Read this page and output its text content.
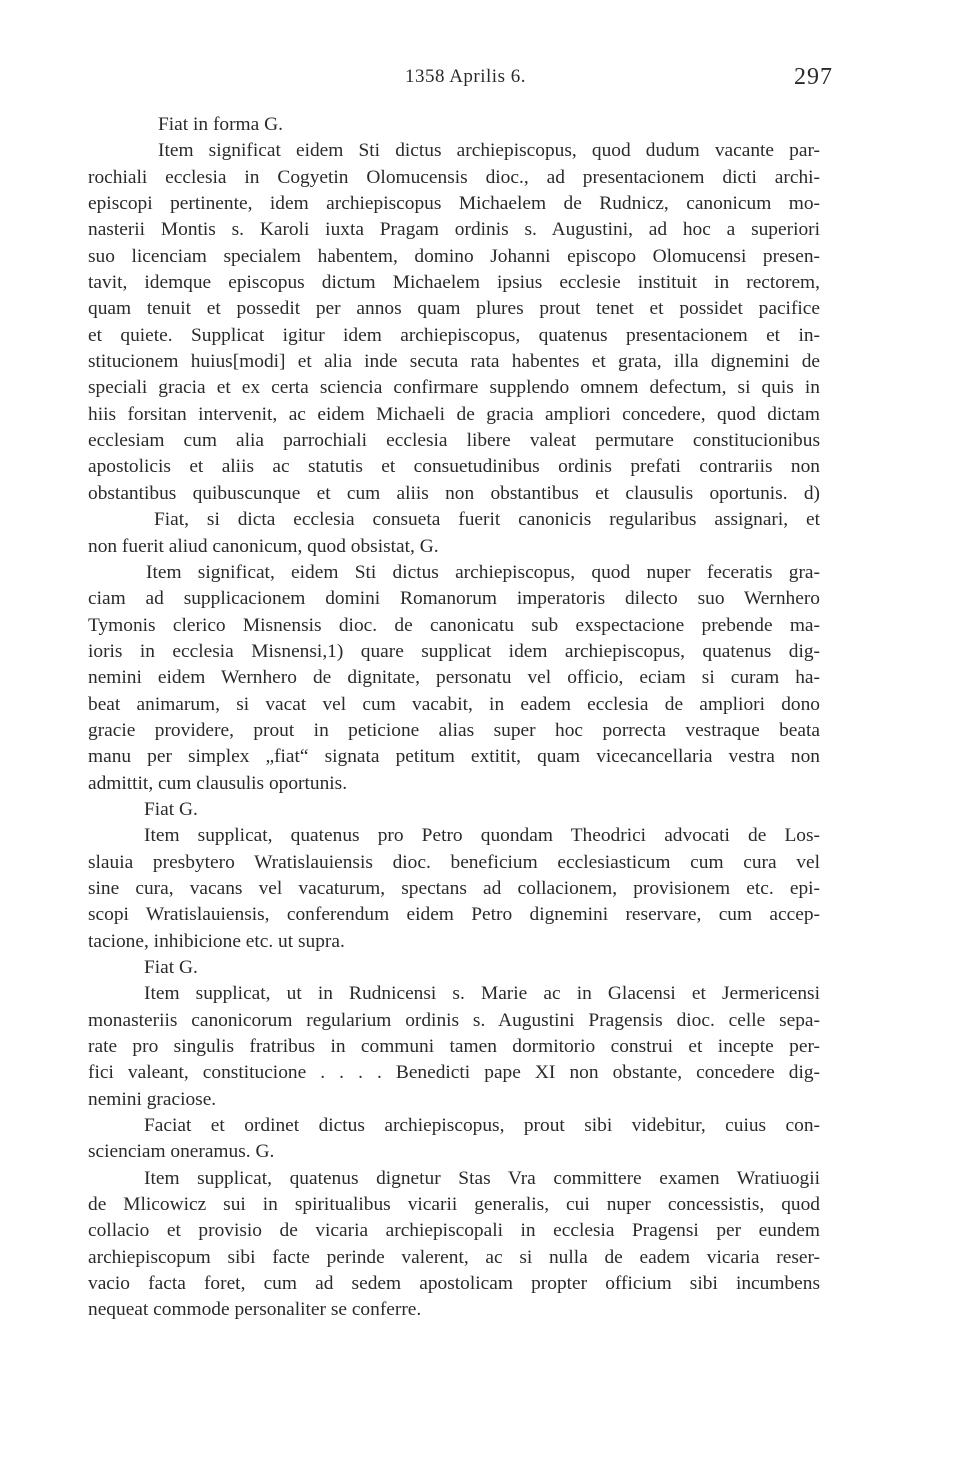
1358 Aprilis 6.	297
Fiat in forma G.
Item significat eidem Sti dictus archiepiscopus, quod dudum vacante par-
rochiali ecclesia in Cogyetin Olomucensis dioc., ad presentacionem dicti archi-
episcopi pertinente, idem archiepiscopus Michaelem de Rudnicz, canonicum mo-
nasterii Montis s. Karoli iuxta Pragam ordinis s. Augustini, ad hoc a superiori
suo licenciam specialem habentem, domino Johanni episcopo Olomucensi presen-
tavit, idemque episcopus dictum Michaelem ipsius ecclesie instituit in rectorem,
quam tenuit et possedit per annos quam plures prout tenet et possidet pacifice
et quiete. Supplicat igitur idem archiepiscopus, quatenus presentacionem et in-
stitucionem huius[modi] et alia inde secuta rata habentes et grata, illa dignemini de
speciali gracia et ex certa sciencia confirmare supplendo omnem defectum, si quis in
hiis forsitan intervenit, ac eidem Michaeli de gracia ampliori concedere, quod dictam
ecclesiam cum alia parrochiali ecclesia libere valeat permutare constitucionibus
apostolicis et aliis ac statutis et consuetudinibus ordinis prefati contrariis non
obstantibus quibuscunque et cum aliis non obstantibus et clausulis oportunis. d)
Fiat, si dicta ecclesia consueta fuerit canonicis regularibus assignari, et
non fuerit aliud canonicum, quod obsistat, G.
Item significat, eidem Sti dictus archiepiscopus, quod nuper feceratis gra-
ciam ad supplicacionem domini Romanorum imperatoris dilecto suo Wernhero
Tymonis clerico Misnensis dioc. de canonicatu sub exspectacione prebende ma-
ioris in ecclesia Misnensi,1) quare supplicat idem archiepiscopus, quatenus dig-
nemini eidem Wernhero de dignitate, personatu vel officio, eciam si curam ha-
beat animarum, si vacat vel cum vacabit, in eadem ecclesia de ampliori dono
gracie providere, prout in peticione alias super hoc porrecta vestraque beata
manu per simplex „fiat“ signata petitum extitit, quam vicecancellaria vestra non
admittit, cum clausulis oportunis.
Fiat G.
Item supplicat, quatenus pro Petro quondam Theodrici advocati de Los-
slauia presbytero Wratislauiensis dioc. beneficium ecclesiasticum cum cura vel
sine cura, vacans vel vacaturum, spectans ad collacionem, provisionem etc. epi-
scopi Wratislauiensis, conferendum eidem Petro dignemini reservare, cum accep-
tacione, inhibicione etc. ut supra.
Fiat G.
Item supplicat, ut in Rudnicensi s. Marie ac in Glacensi et Jermericensi
monasteriis canonicorum regularium ordinis s. Augustini Pragensis dioc. celle sepa-
rate pro singulis fratribus in communi tamen dormitorio construi et incepte per-
fici valeant, constitucione . . . . Benedicti pape XI non obstante, concedere dig-
nemini graciose.
Faciat et ordinet dictus archiepiscopus, prout sibi videbitur, cuius con-
scienciam oneramus. G.
Item supplicat, quatenus dignetur Stas Vra committere examen Wratiuogii
de Mlicowicz sui in spiritualibus vicarii generalis, cui nuper concessistis, quod
collacio et provisio de vicaria archiepiscopali in ecclesia Pragensi per eundem
archiepiscopum sibi facte perinde valerent, ac si nulla de eadem vicaria reser-
vacio facta foret, cum ad sedem apostolicam propter officium sibi incumbens
nequeat commode personaliter se conferre.
